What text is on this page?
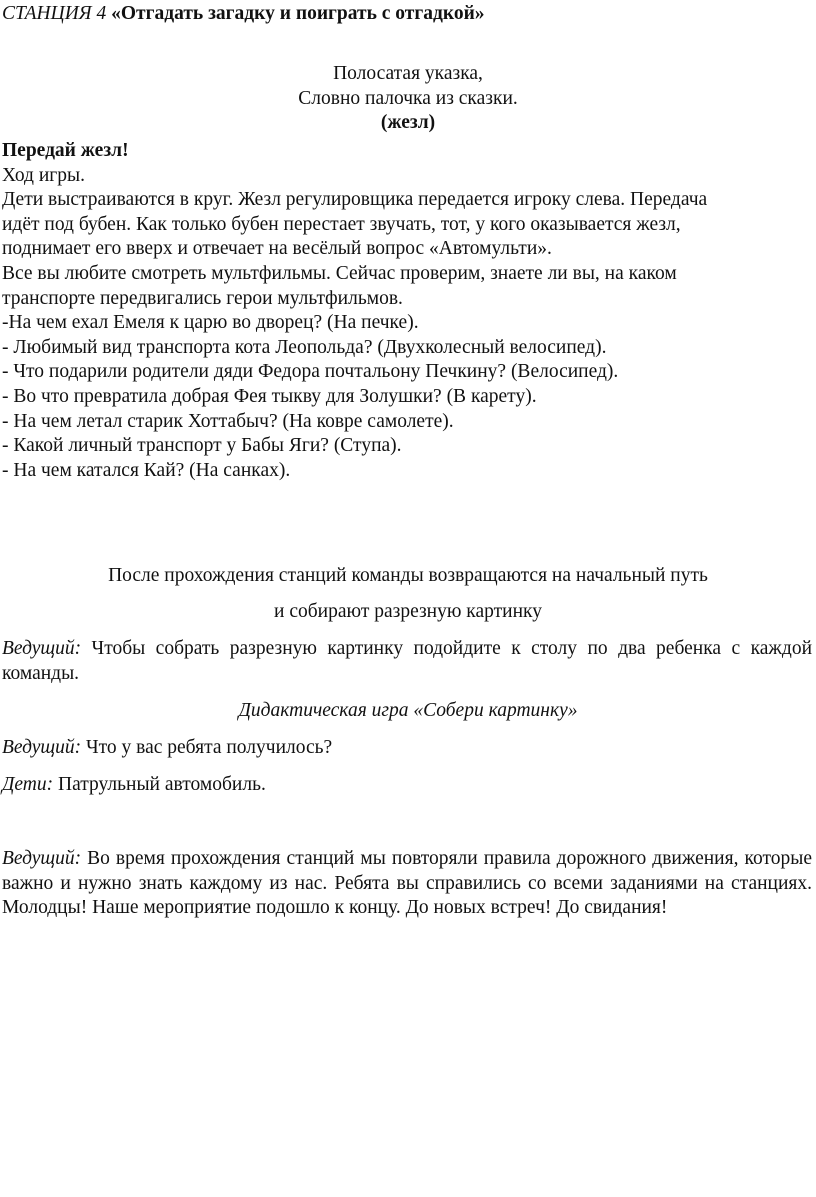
СТАНЦИЯ 4 «Отгадать загадку и поиграть с отгадкой»
Полосатая указка,
Словно палочка из сказки.
(жезл)
Передай жезл!
Ход игры.
Дети выстраиваются в круг. Жезл регулировщика передается игроку слева. Передача
идёт под бубен. Как только бубен перестает звучать, тот, у кого оказывается жезл,
поднимает его вверх и отвечает на весёлый вопрос «Автомульти».
Все вы любите смотреть мультфильмы. Сейчас проверим, знаете ли вы, на каком
транспорте передвигались герои мультфильмов.
-На чем ехал Емеля к царю во дворец? (На печке).
- Любимый вид транспорта кота Леопольда? (Двухколесный велосипед).
- Что подарили родители дяди Федора почтальону Печкину? (Велосипед).
- Во что превратила добрая Фея тыкву для Золушки? (В карету).
- На чем летал старик Хоттабыч? (На ковре самолете).
- Какой личный транспорт у Бабы Яги? (Ступа).
- На чем катался Кай? (На санках).
После прохождения станций команды возвращаются на начальный путь
и собирают разрезную картинку
Ведущий: Чтобы собрать разрезную картинку подойдите к столу по два ребенка с каждой команды.
Дидактическая игра «Собери картинку»
Ведущий: Что у вас ребята получилось?
Дети: Патрульный автомобиль.
Ведущий: Во время прохождения станций мы повторяли правила дорожного движения, которые важно и нужно знать каждому из нас. Ребята вы справились со всеми заданиями на станциях. Молодцы! Наше мероприятие подошло к концу. До новых встреч! До свидания!
